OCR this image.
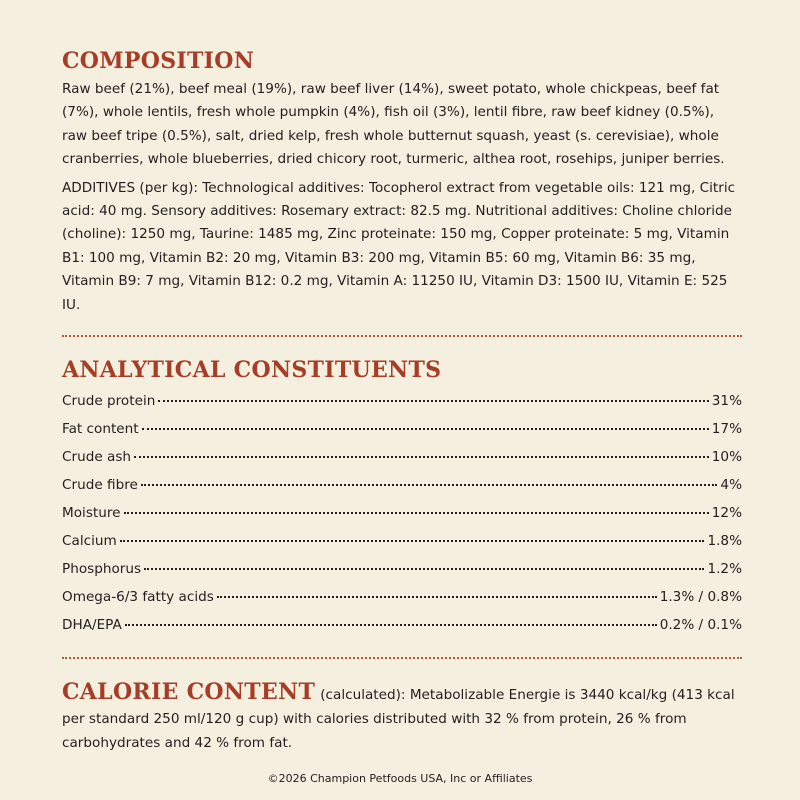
COMPOSITION

Raw beef (21%), beef meal (19%), raw beef liver (14%), sweet potato, whole chickpeas, beef fat (7%), whole lentils, fresh whole pumpkin (4%), fish oil (3%), lentil fibre, raw beef kidney (0.5%), raw beef tripe (0.5%), salt, dried kelp, fresh whole butternut squash, yeast (s. cerevisiae), whole cranberries, whole blueberries, dried chicory root, turmeric, althea root, rosehips, juniper berries.

ADDITIVES (per kg): Technological additives: Tocopherol extract from vegetable oils: 121 mg, Citric acid: 40 mg. Sensory additives: Rosemary extract: 82.5 mg. Nutritional additives: Choline chloride (choline): 1250 mg, Taurine: 1485 mg, Zinc proteinate: 150 mg, Copper proteinate: 5 mg, Vitamin B1: 100 mg, Vitamin B2: 20 mg, Vitamin B3: 200 mg, Vitamin B5: 60 mg, Vitamin B6: 35 mg, Vitamin B9: 7 mg, Vitamin B12: 0.2 mg, Vitamin A: 11250 IU, Vitamin D3: 1500 IU, Vitamin E: 525 IU.

ANALYTICAL CONSTITUENTS
Crude protein	31%
Fat content	17%
Crude ash	10%
Crude fibre	4%
Moisture	12%
Calcium	1.8%
Phosphorus	1.2%
Omega-6/3 fatty acids	1.3% / 0.8%
DHA/EPA	0.2% / 0.1%
CALORIE CONTENT (calculated): Metabolizable Energie is 3440 kcal/kg (413 kcal per standard 250 ml/120 g cup) with calories distributed with 32 % from protein, 26 % from carbohydrates and 42 % from fat.
©2026 Champion Petfoods USA, Inc or Affiliates
